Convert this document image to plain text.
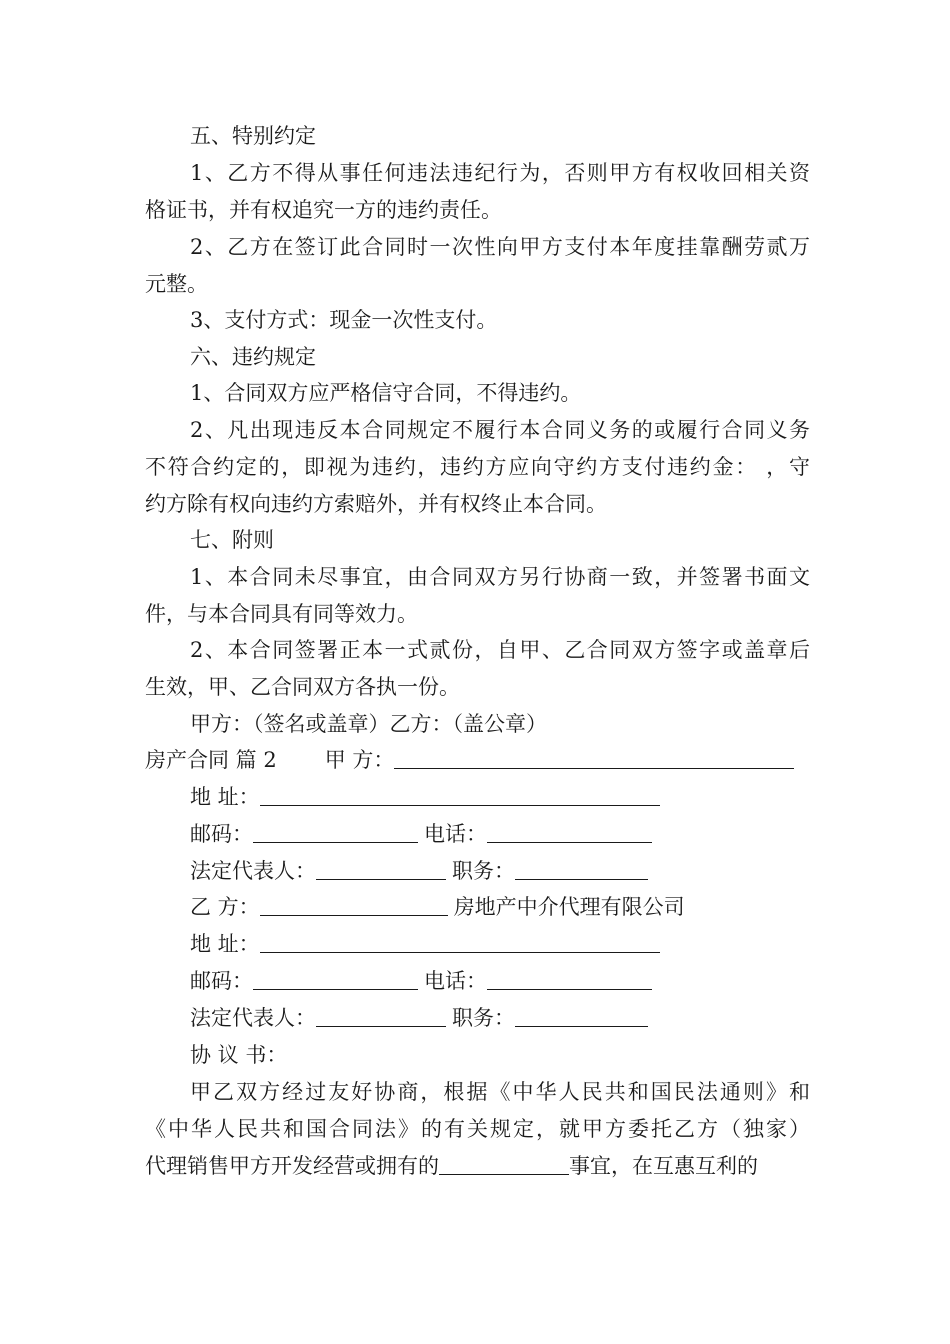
五、特别约定
1、乙方不得从事任何违法违纪行为，否则甲方有权收回相关资
格证书，并有权追究一方的违约责任。
2、乙方在签订此合同时一次性向甲方支付本年度挂靠酬劳贰万
元整。
3、支付方式：现金一次性支付。
六、违约规定
1、合同双方应严格信守合同，不得违约。
2、凡出现违反本合同规定不履行本合同义务的或履行合同义务
不符合约定的，即视为违约，违约方应向守约方支付违约金： ，守
约方除有权向违约方索赔外，并有权终止本合同。
七、附则
1、本合同未尽事宜，由合同双方另行协商一致，并签署书面文
件，与本合同具有同等效力。
2、本合同签署正本一式贰份，自甲、乙合同双方签字或盖章后
生效，甲、乙合同双方各执一份。
甲方：（签名或盖章）乙方：（盖公章）
房产合同 篇 2 甲 方：
地 址：
邮码：	电话：
法定代表人：	职务：
乙 方：	房地产中介代理有限公司
地 址：
邮码：	电话：
法定代表人：	职务：
协 议 书：
甲乙双方经过友好协商，根据《中华人民共和国民法通则》和
《中华人民共和国合同法》的有关规定，就甲方委托乙方（独家）
代理销售甲方开发经营或拥有的	事宜，在互惠互利的
